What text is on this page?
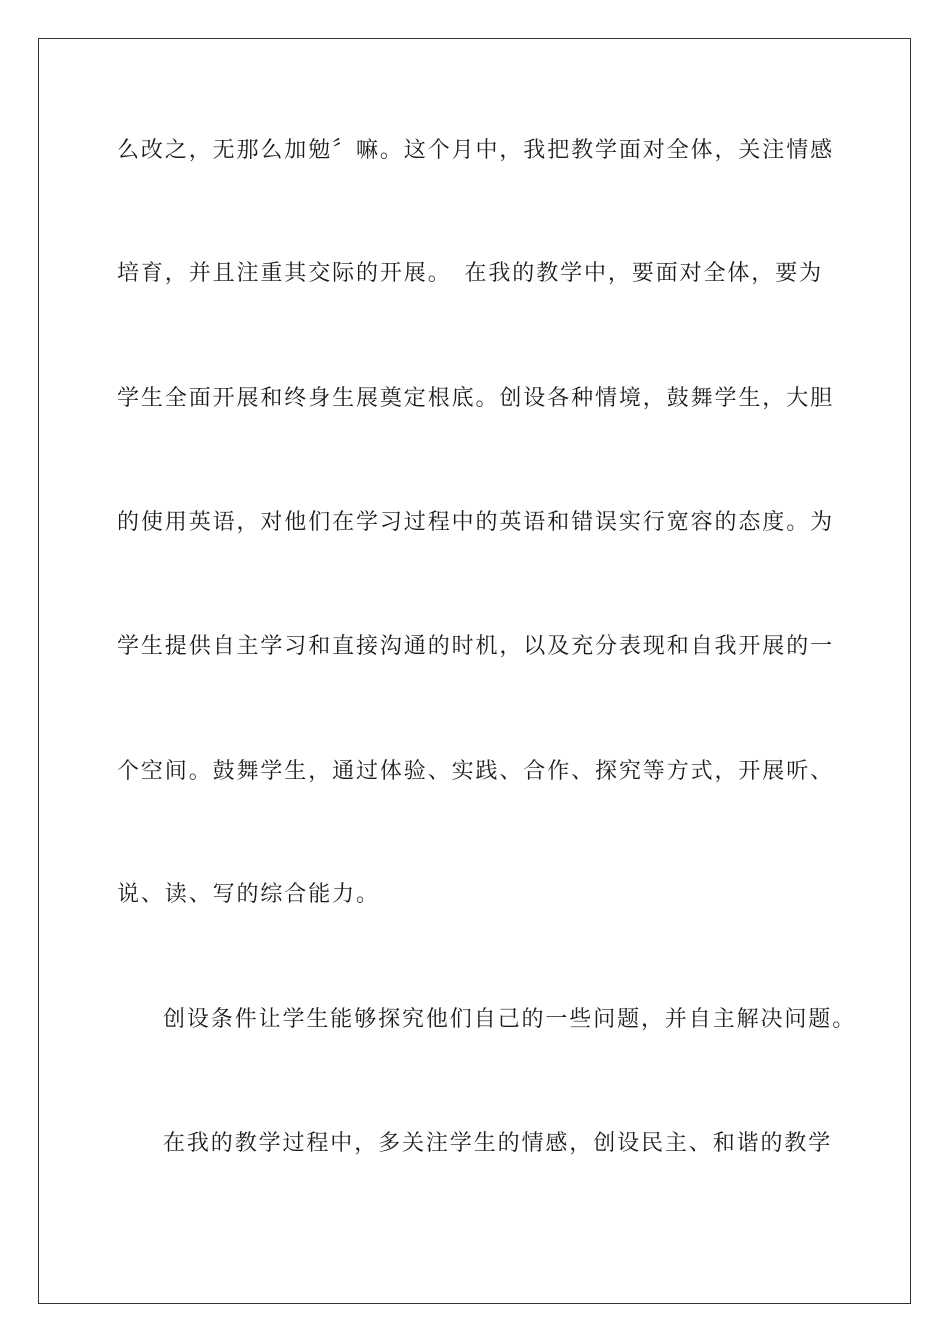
么改之，无那么加勉〞嘛。这个月中，我把教学面对全体，关注情感
培育，并且注重其交际的开展。　在我的教学中，要面对全体，要为
学生全面开展和终身生展奠定根底。创设各种情境，鼓舞学生，大胆
的使用英语，对他们在学习过程中的英语和错误实行宽容的态度。为
学生提供自主学习和直接沟通的时机，以及充分表现和自我开展的一
个空间。鼓舞学生，通过体验、实践、合作、探究等方式，开展听、
说、读、写的综合能力。
创设条件让学生能够探究他们自己的一些问题，并自主解决问题。
在我的教学过程中，多关注学生的情感，创设民主、和谐的教学
